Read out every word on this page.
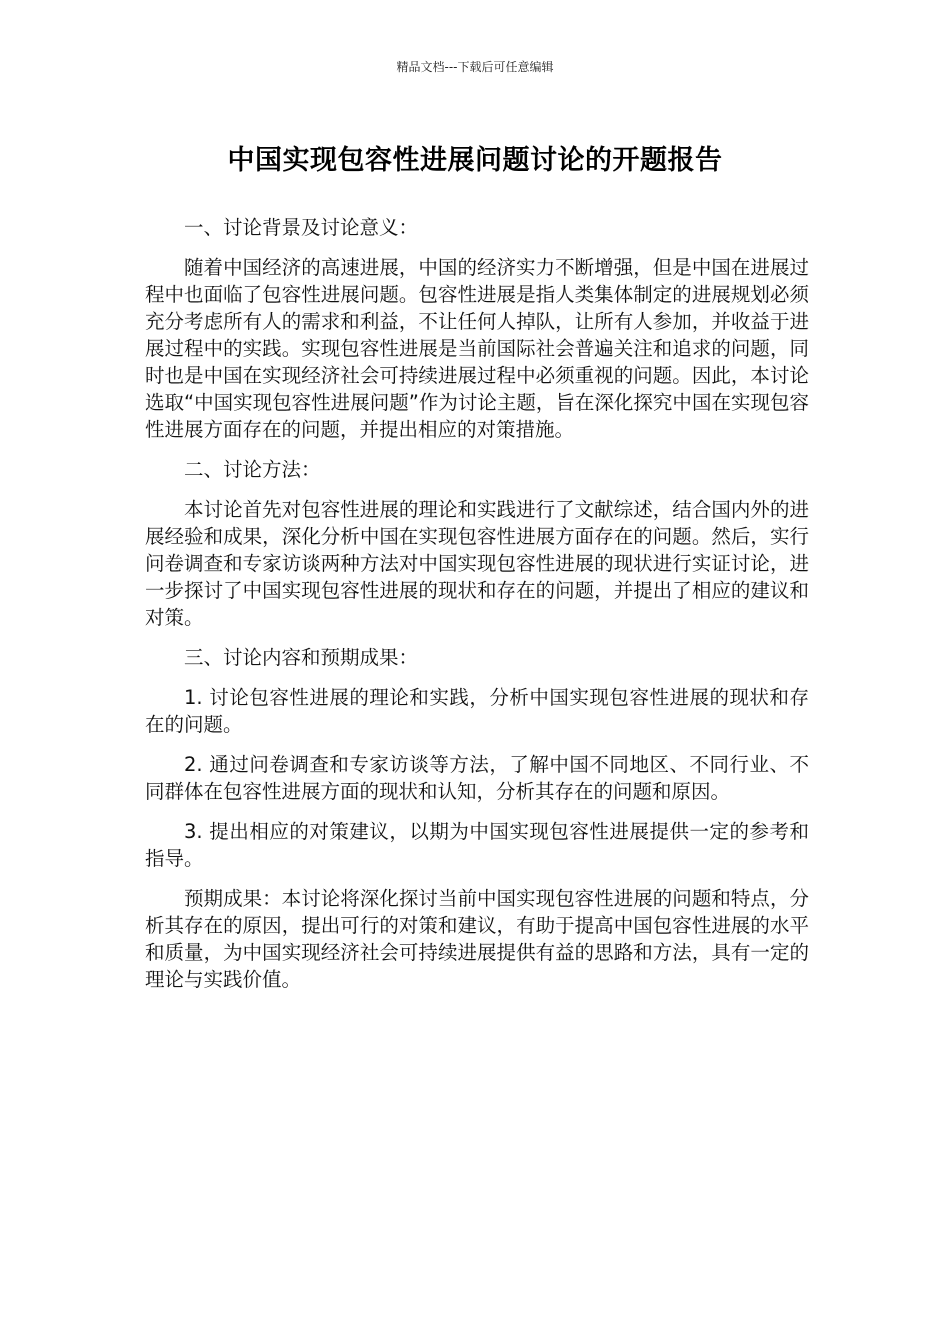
精品文档---下载后可任意编辑
中国实现包容性进展问题讨论的开题报告

一、讨论背景及讨论意义：

随着中国经济的高速进展，中国的经济实力不断增强，但是中国在进展过程中也面临了包容性进展问题。包容性进展是指人类集体制定的进展规划必须充分考虑所有人的需求和利益，不让任何人掉队，让所有人参加，并收益于进展过程中的实践。实现包容性进展是当前国际社会普遍关注和追求的问题，同时也是中国在实现经济社会可持续进展过程中必须重视的问题。因此，本讨论选取“中国实现包容性进展问题”作为讨论主题，旨在深化探究中国在实现包容性进展方面存在的问题，并提出相应的对策措施。

二、讨论方法：

本讨论首先对包容性进展的理论和实践进行了文献综述，结合国内外的进展经验和成果，深化分析中国在实现包容性进展方面存在的问题。然后，实行问卷调查和专家访谈两种方法对中国实现包容性进展的现状进行实证讨论，进一步探讨了中国实现包容性进展的现状和存在的问题，并提出了相应的建议和对策。

三、讨论内容和预期成果：

1. 讨论包容性进展的理论和实践，分析中国实现包容性进展的现状和存在的问题。

2. 通过问卷调查和专家访谈等方法，了解中国不同地区、不同行业、不同群体在包容性进展方面的现状和认知，分析其存在的问题和原因。

3. 提出相应的对策建议，以期为中国实现包容性进展提供一定的参考和指导。

预期成果：本讨论将深化探讨当前中国实现包容性进展的问题和特点，分析其存在的原因，提出可行的对策和建议，有助于提高中国包容性进展的水平和质量，为中国实现经济社会可持续进展提供有益的思路和方法，具有一定的理论与实践价值。
